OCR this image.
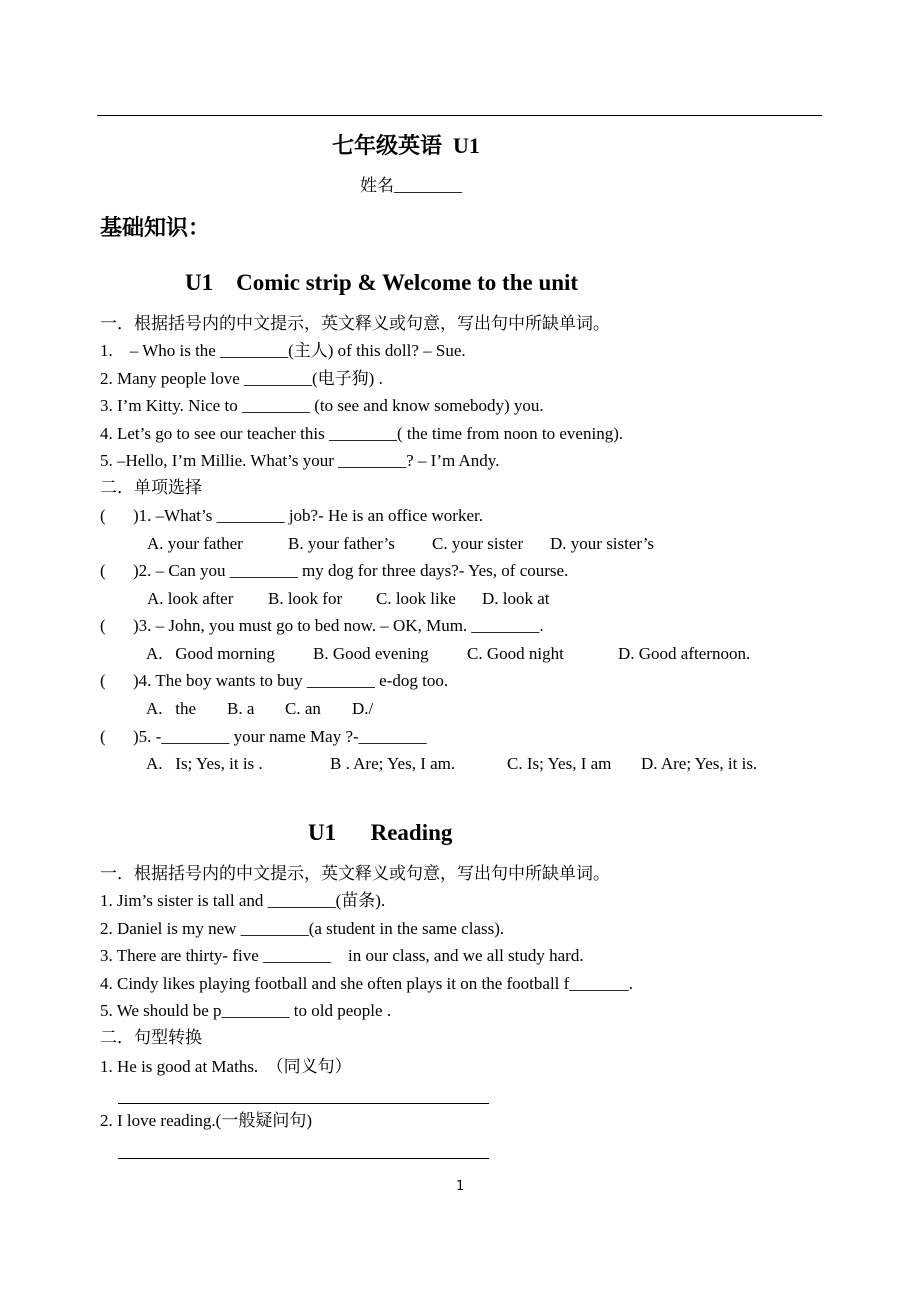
七年级英语  U1
姓名________
基础知识：
U1    Comic strip & Welcome to the unit
一．根据括号内的中文提示，英文释义或句意，写出句中所缺单词。
1.    – Who is the ________(主人) of this doll? – Sue.
2. Many people love ________(电子狗) .
3. I’m Kitty. Nice to ________ (to see and know somebody) you.
4. Let’s go to see our teacher this ________( the time from noon to evening).
5. –Hello, I’m Millie. What’s your ________? – I’m Andy.
二．单项选择
( )1. –What’s ________ job?- He is an office worker.
A. your father	B. your father’s C. your sister D. your sister’s
( )2. – Can you ________ my dog for three days?- Yes, of course.
A. look after B. look for C. look like D. look at
( )3. – John, you must go to bed now. – OK, Mum. ________.
A.   Good morning B. Good evening C. Good night	D. Good afternoon.
( )4. The boy wants to buy ________ e-dog too.
A.   the B. a C. an D./
( )5. -________ your name May ?-________
A.   Is; Yes, it is .	B . Are; Yes, I am.	C. Is; Yes, I am D. Are; Yes, it is.
U1      Reading
一．根据括号内的中文提示，英文释义或句意，写出句中所缺单词。
1. Jim’s sister is tall and ________(苗条).
2. Daniel is my new ________(a student in the same class).
3. There are thirty- five ________    in our class, and we all study hard.
4. Cindy likes playing football and she often plays it on the football f_______.
5. We should be p________ to old people .
二．句型转换
1. He is good at Maths.  （同义句）
2. I love reading.(一般疑问句)
1
